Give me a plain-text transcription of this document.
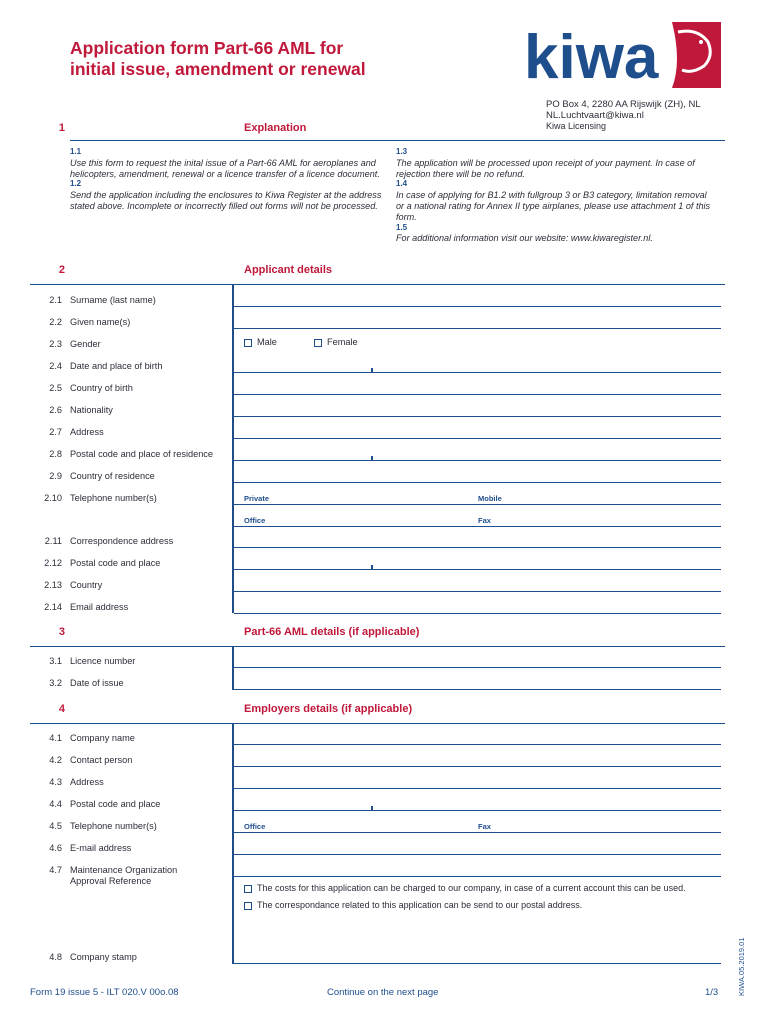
Application form Part-66 AML for
initial issue, amendment or renewal	kiwa
PO Box 4, 2280 AA Rijswijk (ZH), NL
NL.Luchtvaart@kiwa.nl
Kiwa Licensing
1	Explanation
1.1
Use this form to request the inital issue of a Part-66 AML for aeroplanes and helicopters, amendment, renewal or a licence transfer of a licence document.
1.2
Send the application including the enclosures to Kiwa Register at the address stated above. Incomplete or incorrectly filled out forms will not be processed.
1.3
The application will be processed upon receipt of your payment. In case of rejection there will be no refund.
1.4
In case of applying for B1.2 with fullgroup 3 or B3 category, limitation removal or a national rating for Annex II type airplanes, please use attachment 1 of this form.
1.5
For additional information visit our website: www.kiwaregister.nl.
2	Applicant details
2.1 Surname (last name)
2.2 Given name(s)
2.3 Gender	Male	Female
2.4 Date and place of birth
2.5 Country of birth
2.6 Nationality
2.7 Address
2.8 Postal code and place of residence
2.9 Country of residence
2.10 Telephone number(s)	Private	Mobile
Office	Fax
2.11 Correspondence address
2.12 Postal code and place
2.13 Country
2.14 Email address
3	Part-66 AML details (if applicable)
3.1 Licence number
3.2 Date of issue
4	Employers details (if applicable)
4.1 Company name
4.2 Contact person
4.3 Address
4.4 Postal code and place
4.5 Telephone number(s)	Office	Fax
4.6 E-mail address
4.7 Maintenance Organization Approval Reference
The costs for this application can be charged to our company, in case of a current account this can be used.
The correspondance related to this application can be send to our postal address.
4.8 Company stamp
Form 19 issue 5 - ILT 020.V 00o.08	Continue on the next page	1/3	KIWA.05.2019.01
